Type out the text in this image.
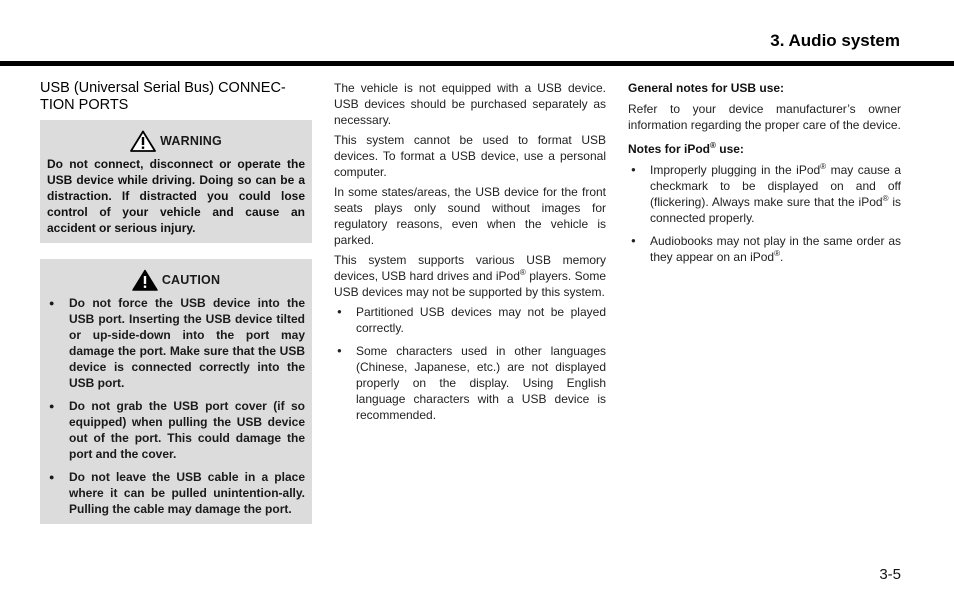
3. Audio system
USB (Universal Serial Bus) CONNEC-TION PORTS
WARNING
Do not connect, disconnect or operate the USB device while driving. Doing so can be a distraction. If distracted you could lose control of your vehicle and cause an accident or serious injury.
CAUTION
● Do not force the USB device into the USB port. Inserting the USB device tilted or up-side-down into the port may damage the port. Make sure that the USB device is connected correctly into the USB port.
● Do not grab the USB port cover (if so equipped) when pulling the USB device out of the port. This could damage the port and the cover.
● Do not leave the USB cable in a place where it can be pulled unintention-ally. Pulling the cable may damage the port.

The vehicle is not equipped with a USB device. USB devices should be purchased separately as necessary.

This system cannot be used to format USB devices. To format a USB device, use a personal computer.

In some states/areas, the USB device for the front seats plays only sound without images for regulatory reasons, even when the vehicle is parked.

This system supports various USB memory devices, USB hard drives and iPod® players. Some USB devices may not be supported by this system.

● Partitioned USB devices may not be played correctly.
● Some characters used in other languages (Chinese, Japanese, etc.) are not displayed properly on the display. Using English language characters with a USB device is recommended.
General notes for USB use:

Refer to your device manufacturer’s owner information regarding the proper care of the device.

Notes for iPod® use:
● Improperly plugging in the iPod® may cause a checkmark to be displayed on and off (flickering). Always make sure that the iPod® is connected properly.
● Audiobooks may not play in the same order as they appear on an iPod®.
3-5
